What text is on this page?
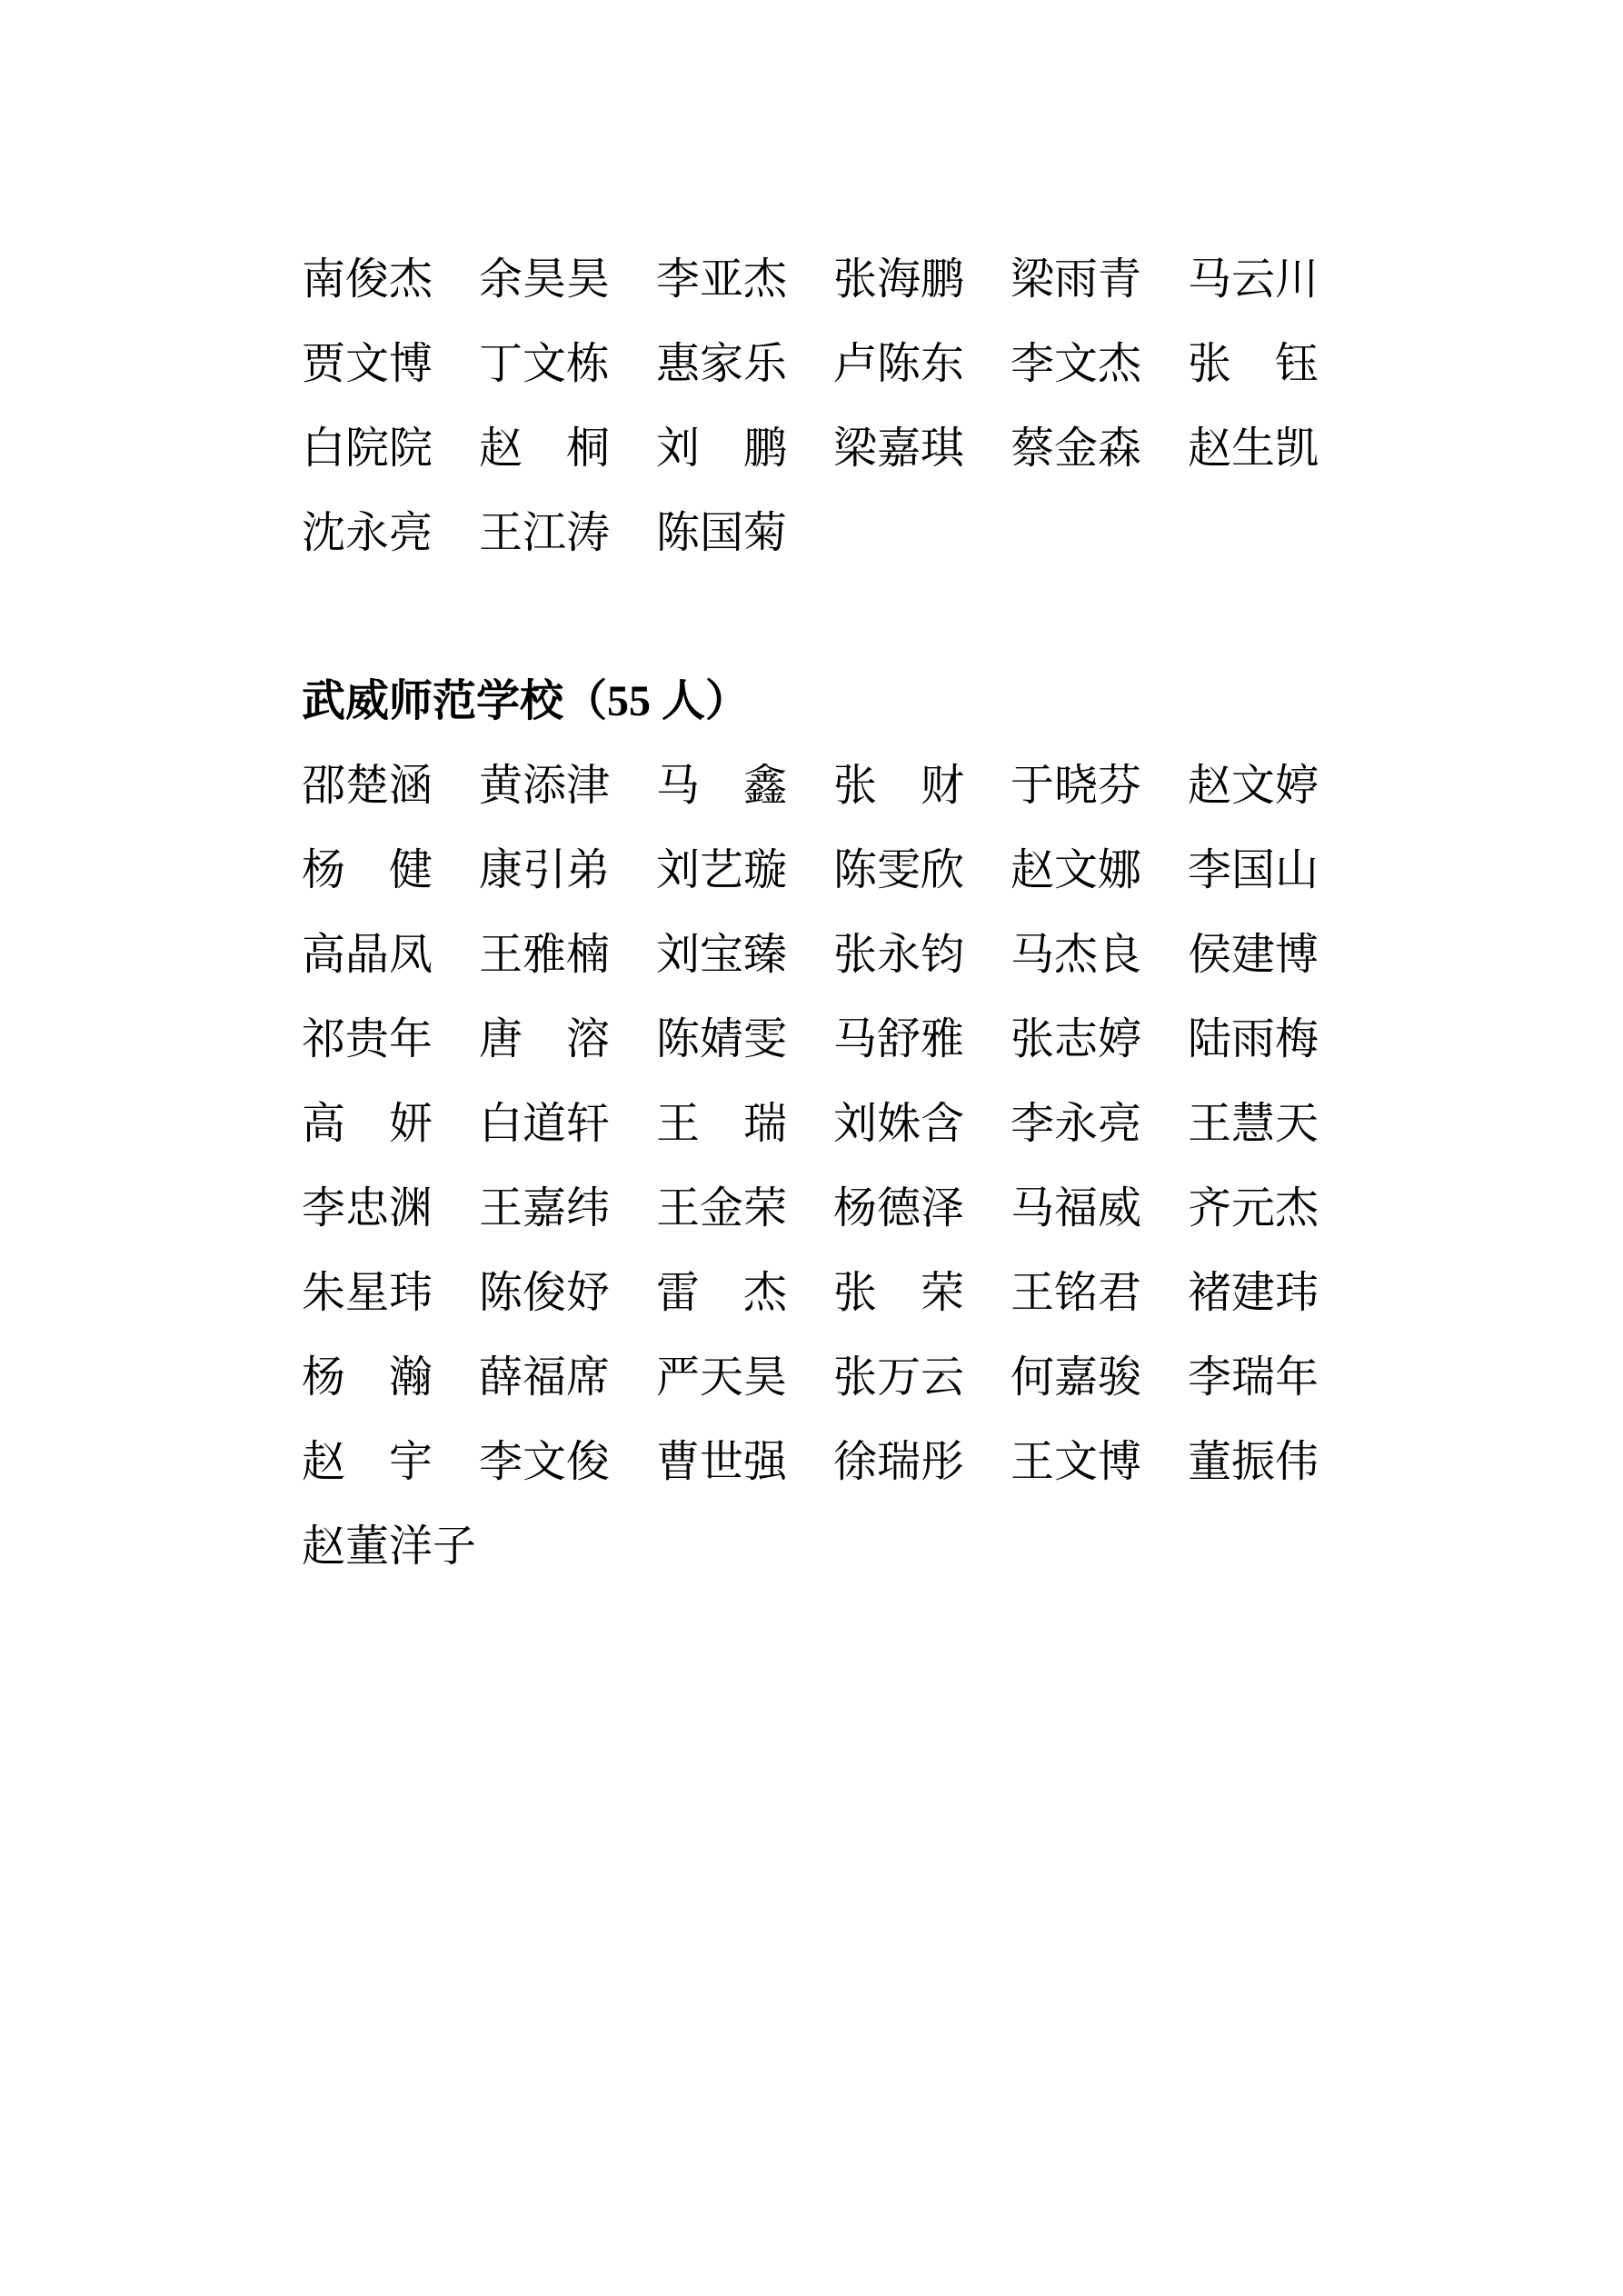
南俊杰 余昊昊 李亚杰 张海鹏 梁雨青 马云川
贾文博 丁文栋 惠家乐 卢陈东 李文杰 张　钰
白院院 赵　桐 刘　鹏 梁嘉琪 蔡金森 赵生凯
沈永亮 王江涛 陈国菊
武威师范学校（55 人）
邵楚涵 黄添津 马　鑫 张　财 于晓芬 赵文婷
杨　健 康引弟 刘艺璇 陈雯欣 赵文娜 李国山
高晶凤 王雅楠 刘宝臻 张永钧 马杰良 侯建博
祁贵年 唐　溶 陈婧雯 马舒雅 张志婷 陆雨梅
高　妍 白道轩 王　瑞 刘姝含 李永亮 王慧天
李忠渊 王嘉纬 王金荣 杨德泽 马福威 齐元杰
朱星玮 陈俊妤 雷　杰 张　荣 王铭君 褚建玮
杨　瀚 薛福席 严天昊 张万云 何嘉骏 李瑞年
赵　宇 李文俊 曹世强 徐瑞彤 王文博 董振伟
赵董洋子
